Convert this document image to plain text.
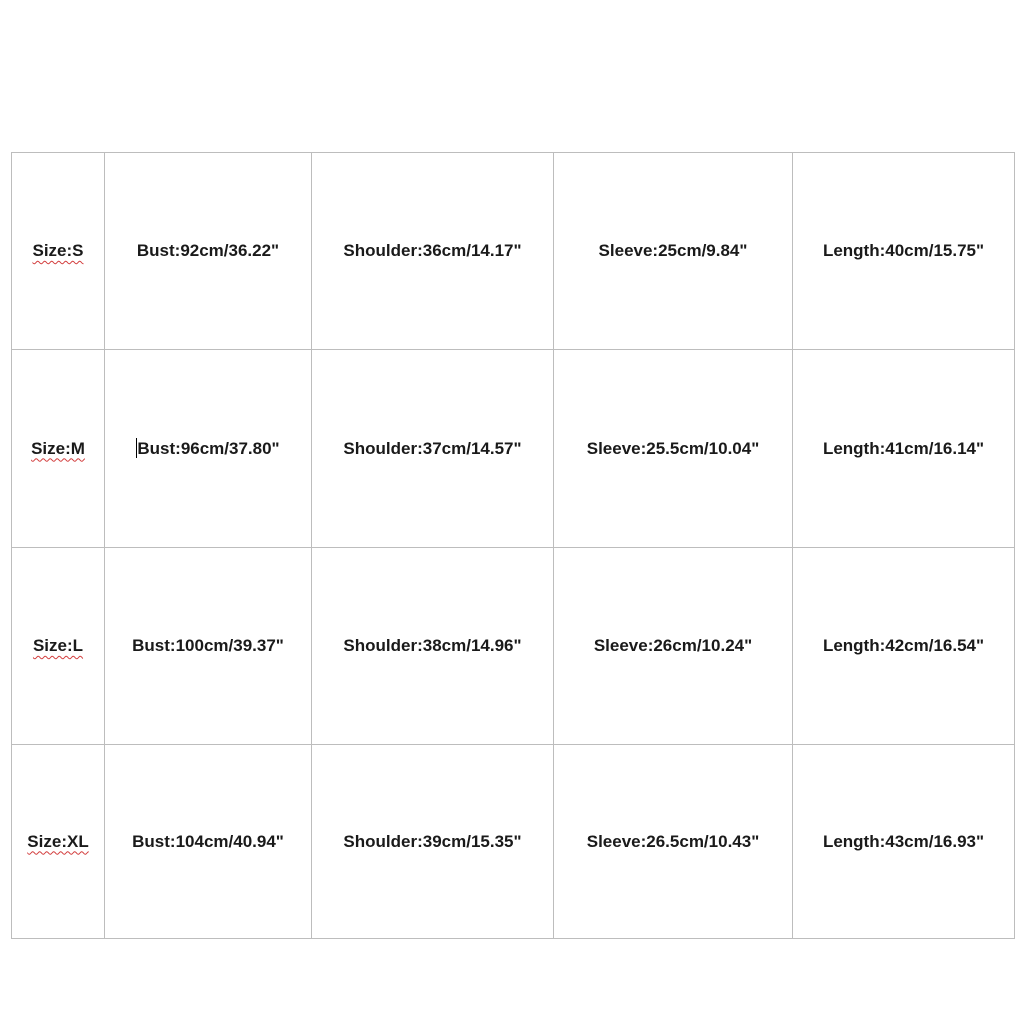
Size:S	Bust:92cm/36.22"	Shoulder:36cm/14.17"	Sleeve:25cm/9.84"	Length:40cm/15.75"
Size:M	Bust:96cm/37.80"	Shoulder:37cm/14.57"	Sleeve:25.5cm/10.04"	Length:41cm/16.14"
Size:L	Bust:100cm/39.37"	Shoulder:38cm/14.96"	Sleeve:26cm/10.24"	Length:42cm/16.54"
Size:XL	Bust:104cm/40.94"	Shoulder:39cm/15.35"	Sleeve:26.5cm/10.43"	Length:43cm/16.93"
